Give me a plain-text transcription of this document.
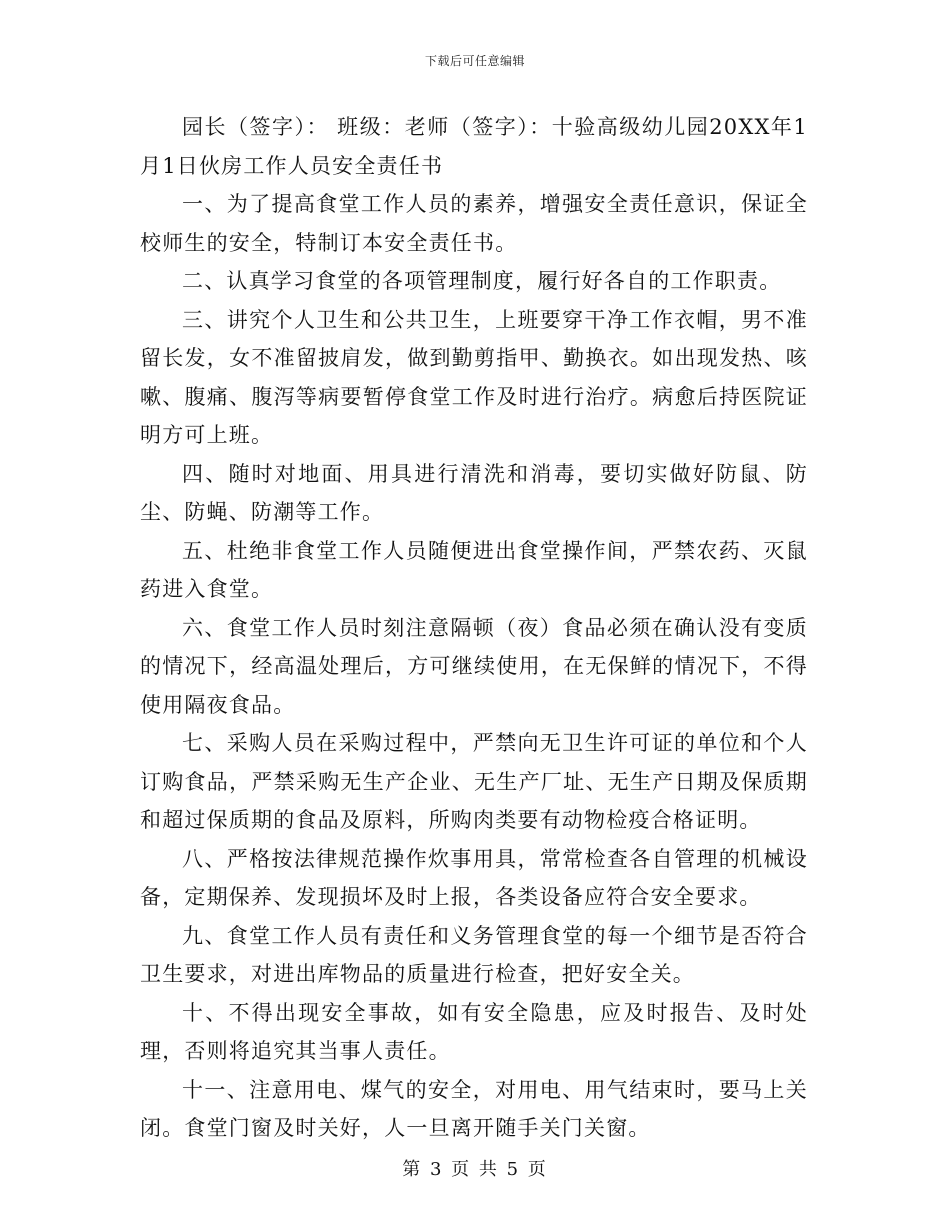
下载后可任意编辑

园长（签字）： 班级：老师（签字）：十验高级幼儿园20XX年1月1日伙房工作人员安全责任书

一、为了提高食堂工作人员的素养，增强安全责任意识，保证全校师生的安全，特制订本安全责任书。

二、认真学习食堂的各项管理制度，履行好各自的工作职责。

三、讲究个人卫生和公共卫生，上班要穿干净工作衣帽，男不准留长发，女不准留披肩发，做到勤剪指甲、勤换衣。如出现发热、咳嗽、腹痛、腹泻等病要暂停食堂工作及时进行治疗。病愈后持医院证明方可上班。

四、随时对地面、用具进行清洗和消毒，要切实做好防鼠、防尘、防蝇、防潮等工作。

五、杜绝非食堂工作人员随便进出食堂操作间，严禁农药、灭鼠药进入食堂。

六、食堂工作人员时刻注意隔顿（夜）食品必须在确认没有变质的情况下，经高温处理后，方可继续使用，在无保鲜的情况下，不得使用隔夜食品。

七、采购人员在采购过程中，严禁向无卫生许可证的单位和个人订购食品，严禁采购无生产企业、无生产厂址、无生产日期及保质期和超过保质期的食品及原料，所购肉类要有动物检疫合格证明。

八、严格按法律规范操作炊事用具，常常检查各自管理的机械设备，定期保养、发现损坏及时上报，各类设备应符合安全要求。

九、食堂工作人员有责任和义务管理食堂的每一个细节是否符合卫生要求，对进出库物品的质量进行检查，把好安全关。

十、不得出现安全事故，如有安全隐患，应及时报告、及时处理，否则将追究其当事人责任。

十一、注意用电、煤气的安全，对用电、用气结束时，要马上关闭。食堂门窗及时关好，人一旦离开随手关门关窗。

第 3 页 共 5 页
